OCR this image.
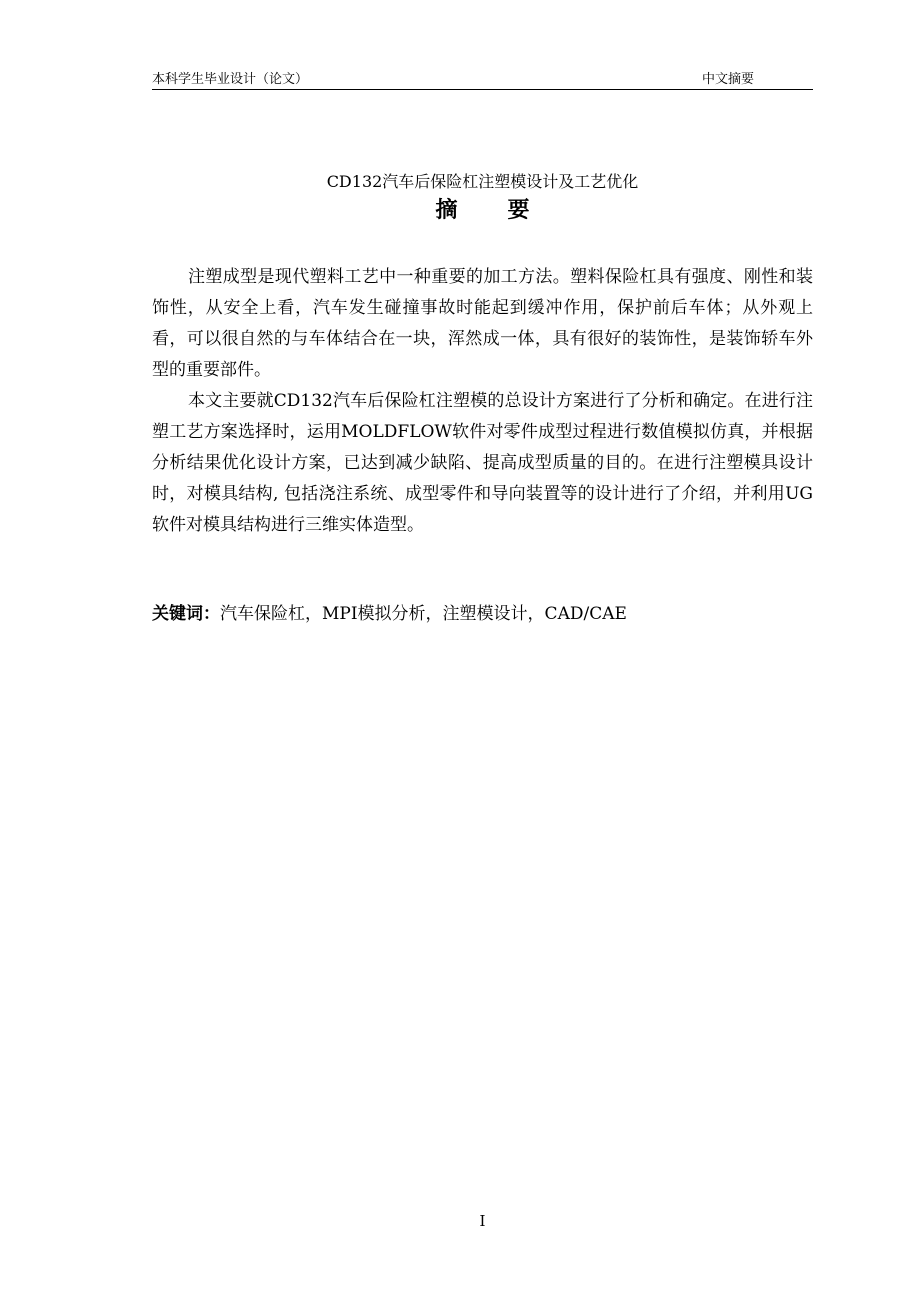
本科学生毕业设计（论文）	中文摘要
CD132汽车后保险杠注塑模设计及工艺优化
摘要

注塑成型是现代塑料工艺中一种重要的加工方法。塑料保险杠具有强度、刚性和装饰性，从安全上看，汽车发生碰撞事故时能起到缓冲作用，保护前后车体；从外观上看，可以很自然的与车体结合在一块，浑然成一体，具有很好的装饰性，是装饰轿车外型的重要部件。

本文主要就CD132汽车后保险杠注塑模的总设计方案进行了分析和确定。在进行注塑工艺方案选择时，运用MOLDFLOW软件对零件成型过程进行数值模拟仿真，并根据分析结果优化设计方案，已达到减少缺陷、提高成型质量的目的。在进行注塑模具设计时，对模具结构, 包括浇注系统、成型零件和导向装置等的设计进行了介绍，并利用UG软件对模具结构进行三维实体造型。

关键词：汽车保险杠，MPI模拟分析，注塑模设计，CAD/CAE
I
